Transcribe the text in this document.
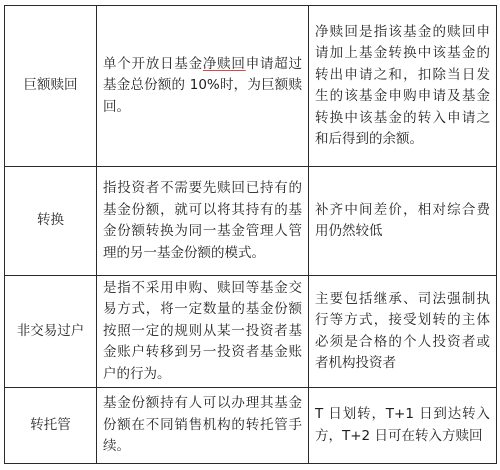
巨额赎回	单个开放日基金净赎回申请超过基金总份额的 10%时，为巨额赎回。	净赎回是指该基金的赎回申请加上基金转换中该基金的转出申请之和，扣除当日发生的该基金申购申请及基金转换中该基金的转入申请之和后得到的余额。
转换	指投资者不需要先赎回已持有的基金份额，就可以将其持有的基金份额转换为同一基金管理人管理的另一基金份额的模式。	补齐中间差价，相对综合费用仍然较低
非交易过户	是指不采用申购、赎回等基金交易方式，将一定数量的基金份额按照一定的规则从某一投资者基金账户转移到另一投资者基金账户的行为。	主要包括继承、司法强制执行等方式，接受划转的主体必须是合格的个人投资者或者机构投资者
转托管	基金份额持有人可以办理其基金份额在不同销售机构的转托管手续。	T 日划转，T+1 日到达转入方，T+2 日可在转入方赎回
